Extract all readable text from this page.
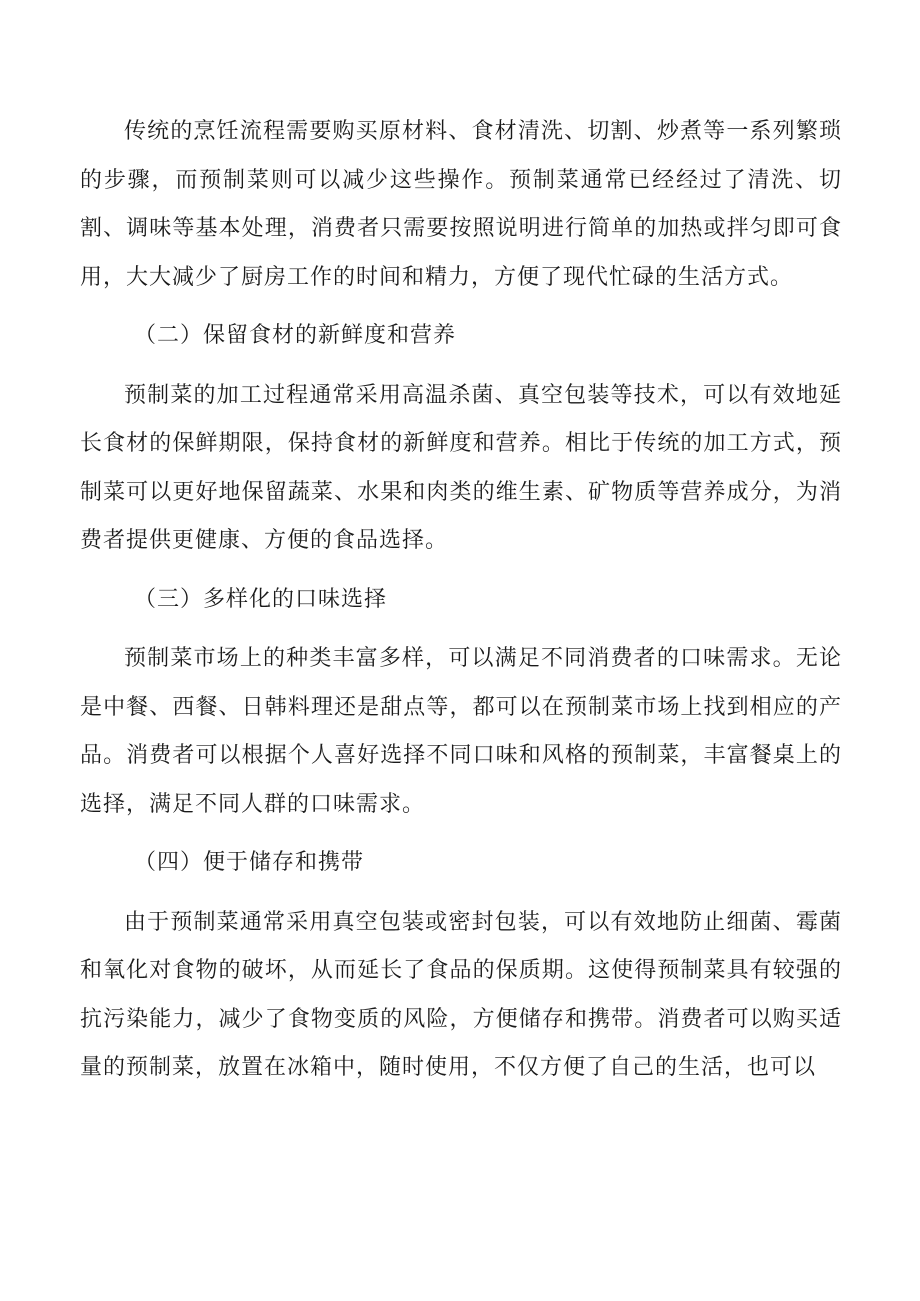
传统的烹饪流程需要购买原材料、食材清洗、切割、炒煮等一系列繁琐的步骤，而预制菜则可以减少这些操作。预制菜通常已经经过了清洗、切割、调味等基本处理，消费者只需要按照说明进行简单的加热或拌匀即可食用，大大减少了厨房工作的时间和精力，方便了现代忙碌的生活方式。

（二）保留食材的新鲜度和营养

预制菜的加工过程通常采用高温杀菌、真空包装等技术，可以有效地延长食材的保鲜期限，保持食材的新鲜度和营养。相比于传统的加工方式，预制菜可以更好地保留蔬菜、水果和肉类的维生素、矿物质等营养成分，为消费者提供更健康、方便的食品选择。

（三）多样化的口味选择

预制菜市场上的种类丰富多样，可以满足不同消费者的口味需求。无论是中餐、西餐、日韩料理还是甜点等，都可以在预制菜市场上找到相应的产品。消费者可以根据个人喜好选择不同口味和风格的预制菜，丰富餐桌上的选择，满足不同人群的口味需求。

（四）便于储存和携带

由于预制菜通常采用真空包装或密封包装，可以有效地防止细菌、霉菌和氧化对食物的破坏，从而延长了食品的保质期。这使得预制菜具有较强的抗污染能力，减少了食物变质的风险，方便储存和携带。消费者可以购买适量的预制菜，放置在冰箱中，随时使用，不仅方便了自己的生活，也可以
